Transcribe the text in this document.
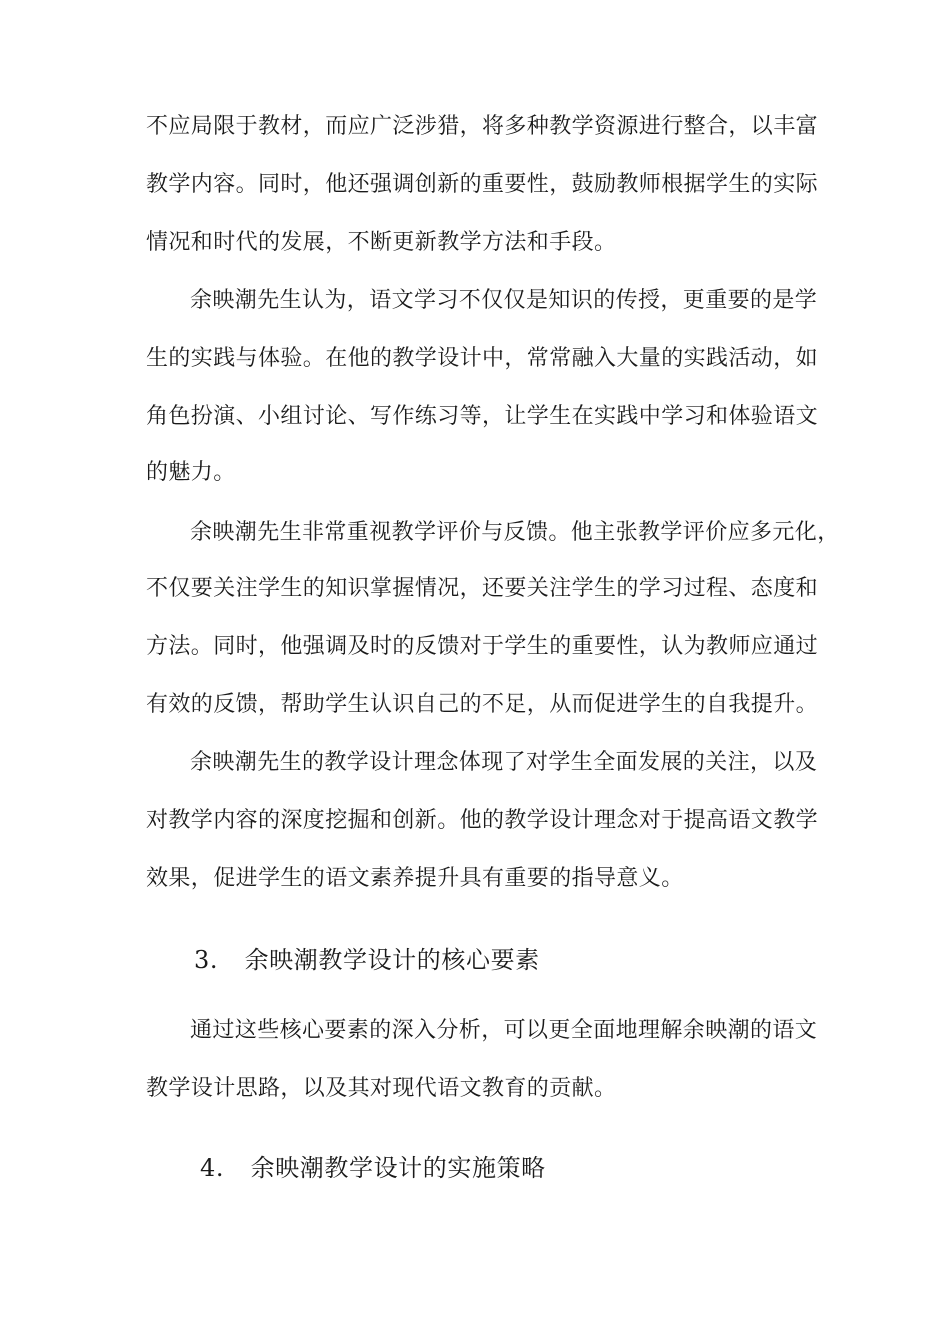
不应局限于教材，而应广泛涉猎，将多种教学资源进行整合，以丰富
教学内容。同时，他还强调创新的重要性，鼓励教师根据学生的实际
情况和时代的发展，不断更新教学方法和手段。
余映潮先生认为，语文学习不仅仅是知识的传授，更重要的是学
生的实践与体验。在他的教学设计中，常常融入大量的实践活动，如
角色扮演、小组讨论、写作练习等，让学生在实践中学习和体验语文
的魅力。
余映潮先生非常重视教学评价与反馈。他主张教学评价应多元化，
不仅要关注学生的知识掌握情况，还要关注学生的学习过程、态度和
方法。同时，他强调及时的反馈对于学生的重要性，认为教师应通过
有效的反馈，帮助学生认识自己的不足，从而促进学生的自我提升。
余映潮先生的教学设计理念体现了对学生全面发展的关注，以及
对教学内容的深度挖掘和创新。他的教学设计理念对于提高语文教学
效果，促进学生的语文素养提升具有重要的指导意义。
3. 余映潮教学设计的核心要素
通过这些核心要素的深入分析，可以更全面地理解余映潮的语文
教学设计思路，以及其对现代语文教育的贡献。
4. 余映潮教学设计的实施策略
